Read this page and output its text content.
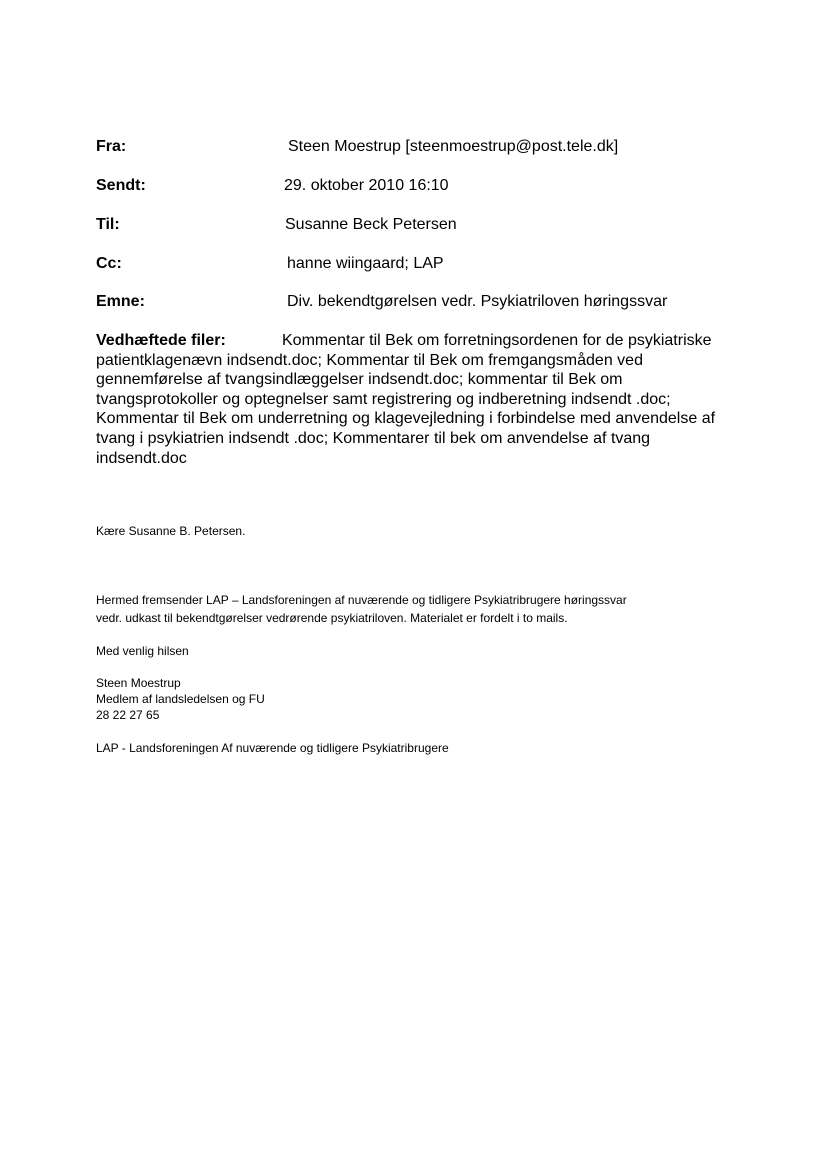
Fra:	Steen Moestrup [steenmoestrup@post.tele.dk]
Sendt:	29. oktober 2010 16:10
Til:	Susanne Beck Petersen
Cc:	hanne wiingaard; LAP
Emne:	Div. bekendtgørelsen vedr. Psykiatriloven høringssvar
Vedhæftede filer:	Kommentar til Bek om forretningsordenen for de psykiatriske patientklagenævn indsendt.doc; Kommentar til Bek om fremgangsmåden ved gennemførelse af tvangsindlæggelser indsendt.doc; kommentar til Bek om tvangsprotokoller og optegnelser samt registrering og indberetning indsendt .doc; Kommentar til Bek om underretning og klagevejledning i forbindelse med anvendelse af tvang i psykiatrien indsendt .doc; Kommentarer til bek om anvendelse af tvang indsendt.doc
Kære Susanne B. Petersen.
Hermed fremsender LAP – Landsforeningen af nuværende og tidligere Psykiatribrugere høringssvar
vedr. udkast til bekendtgørelser vedrørende psykiatriloven. Materialet er fordelt i to mails.
Med venlig hilsen
Steen Moestrup
Medlem af landsledelsen og FU
28 22 27 65
LAP - Landsforeningen Af nuværende og tidligere Psykiatribrugere
